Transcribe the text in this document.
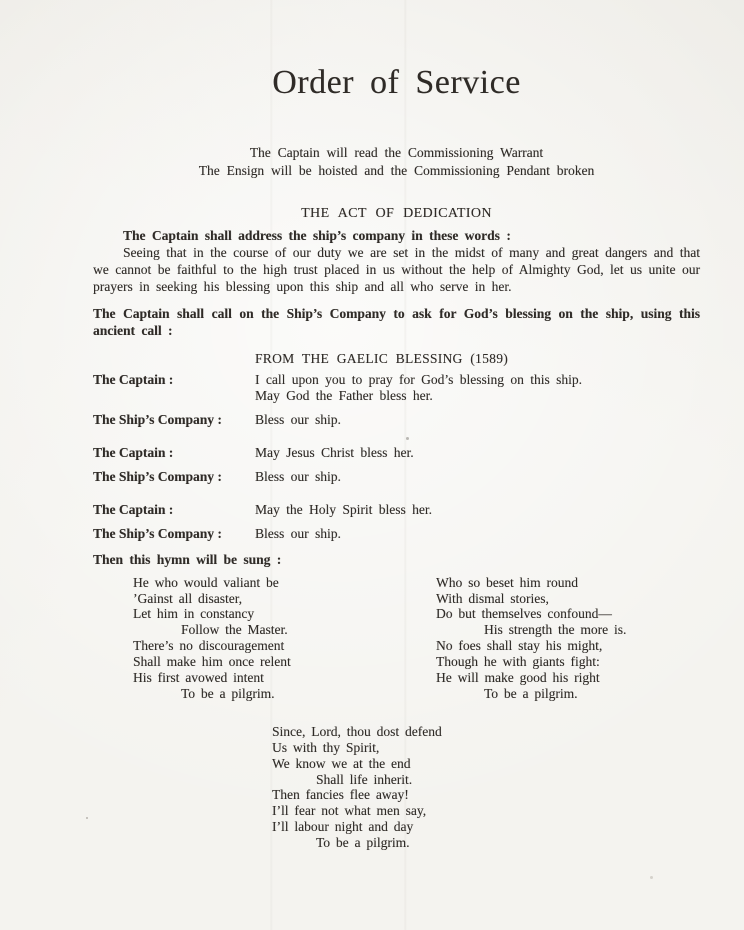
Order of Service

The Captain will read the Commissioning Warrant

The Ensign will be hoisted and the Commissioning Pendant broken

THE ACT OF DEDICATION

The Captain shall address the ship’s company in these words :

Seeing that in the course of our duty we are set in the midst of many and great dangers and that we cannot be faithful to the high trust placed in us without the help of Almighty God, let us unite our prayers in seeking his blessing upon this ship and all who serve in her.

The Captain shall call on the Ship’s Company to ask for God’s blessing on the ship, using this ancient call :

FROM THE GAELIC BLESSING (1589)
The Captain :	I call upon you to pray for God’s blessing on this ship.
May God the Father bless her.
The Ship’s Company :	Bless our ship.
The Captain :	May Jesus Christ bless her.
The Ship’s Company :	Bless our ship.
The Captain :	May the Holy Spirit bless her.
The Ship’s Company :	Bless our ship.

Then this hymn will be sung :

He who would valiant be

’Gainst all disaster,

Let him in constancy

Follow the Master.

There’s no discouragement

Shall make him once relent

His first avowed intent

To be a pilgrim.

Who so beset him round

With dismal stories,

Do but themselves confound—

His strength the more is.

No foes shall stay his might,

Though he with giants fight:

He will make good his right

To be a pilgrim.

Since, Lord, thou dost defend

Us with thy Spirit,

We know we at the end

Shall life inherit.

Then fancies flee away!

I’ll fear not what men say,

I’ll labour night and day

To be a pilgrim.
